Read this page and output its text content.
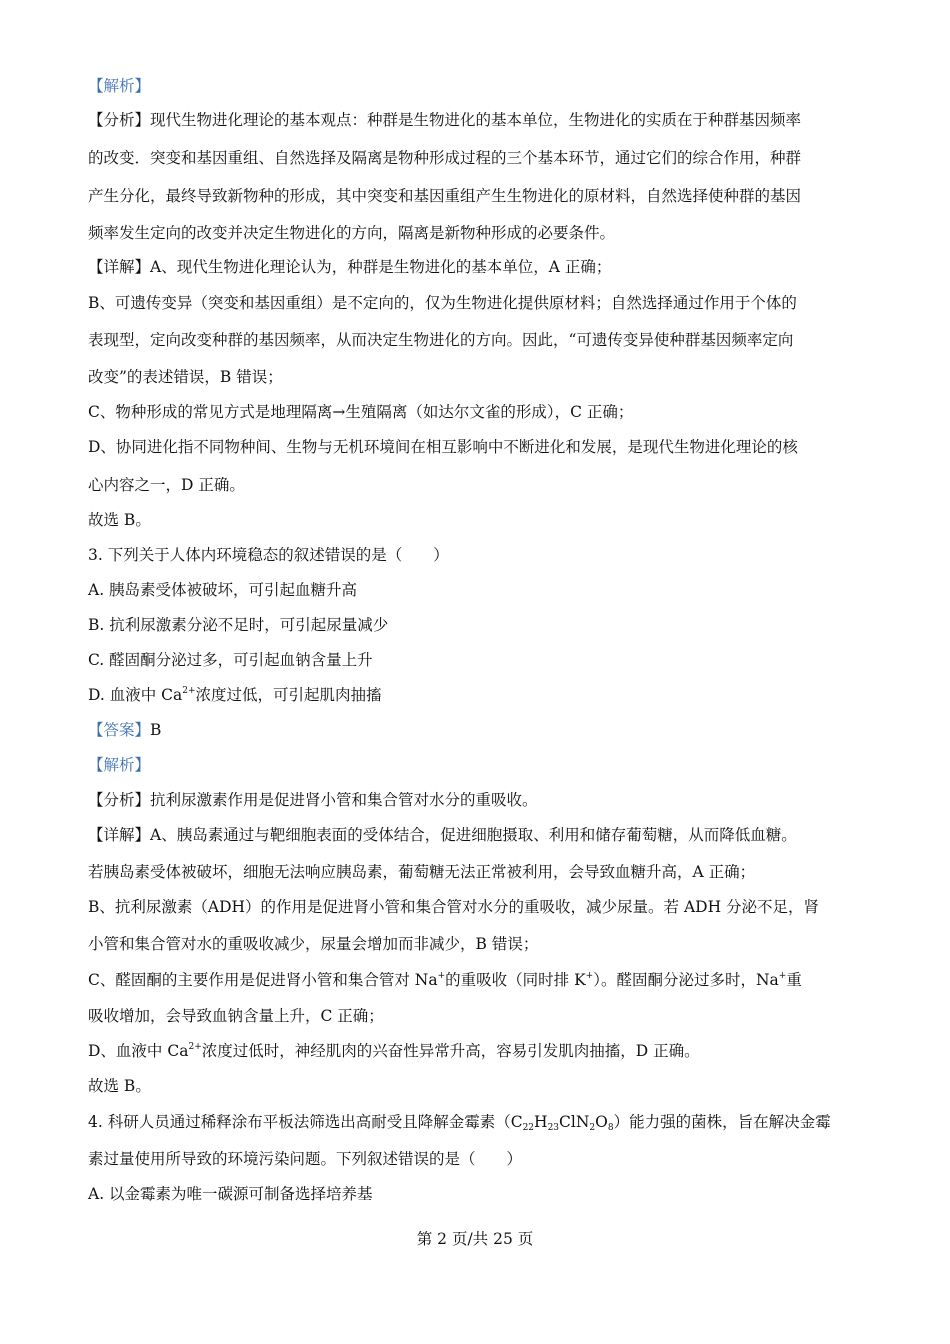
【解析】
【分析】现代生物进化理论的基本观点：种群是生物进化的基本单位，生物进化的实质在于种群基因频率
的改变．突变和基因重组、自然选择及隔离是物种形成过程的三个基本环节，通过它们的综合作用，种群
产生分化，最终导致新物种的形成，其中突变和基因重组产生生物进化的原材料，自然选择使种群的基因
频率发生定向的改变并决定生物进化的方向，隔离是新物种形成的必要条件。
【详解】A、现代生物进化理论认为，种群是生物进化的基本单位，A 正确；
B、可遗传变异（突变和基因重组）是不定向的，仅为生物进化提供原材料；自然选择通过作用于个体的
表现型，定向改变种群的基因频率，从而决定生物进化的方向。因此，“可遗传变异使种群基因频率定向
改变”的表述错误，B 错误；
C、物种形成的常见方式是地理隔离→生殖隔离（如达尔文雀的形成），C 正确；
D、协同进化指不同物种间、生物与无机环境间在相互影响中不断进化和发展，是现代生物进化理论的核
心内容之一，D 正确。
故选 B。
3. 下列关于人体内环境稳态的叙述错误的是（　　）
A. 胰岛素受体被破坏，可引起血糖升高
B. 抗利尿激素分泌不足时，可引起尿量减少
C. 醛固酮分泌过多，可引起血钠含量上升
D. 血液中 $Ca^{2+}$浓度过低，可引起肌肉抽搐
【答案】B
【解析】
【分析】抗利尿激素作用是促进肾小管和集合管对水分的重吸收。
【详解】A、胰岛素通过与靶细胞表面的受体结合，促进细胞摄取、利用和储存葡萄糖，从而降低血糖。
若胰岛素受体被破坏，细胞无法响应胰岛素，葡萄糖无法正常被利用，会导致血糖升高，A 正确；
B、抗利尿激素（ADH）的作用是促进肾小管和集合管对水分的重吸收，减少尿量。若 ADH 分泌不足，肾
小管和集合管对水的重吸收减少，尿量会增加而非减少，B 错误；
C、醛固酮的主要作用是促进肾小管和集合管对 Na+的重吸收（同时排 K+）。醛固酮分泌过多时，Na+重
吸收增加，会导致血钠含量上升，C 正确；
D、血液中 $Ca^{2+}$浓度过低时，神经肌肉的兴奋性异常升高，容易引发肌肉抽搐，D 正确。
故选 B。
4. 科研人员通过稀释涂布平板法筛选出高耐受且降解金霉素$(C_{22}H_{23}ClN_2O_8)$能力强的菌株，旨在解决金霉
素过量使用所导致的环境污染问题。下列叙述错误的是（　　）
A. 以金霉素为唯一碳源可制备选择培养基
第 2 页/共 25 页
